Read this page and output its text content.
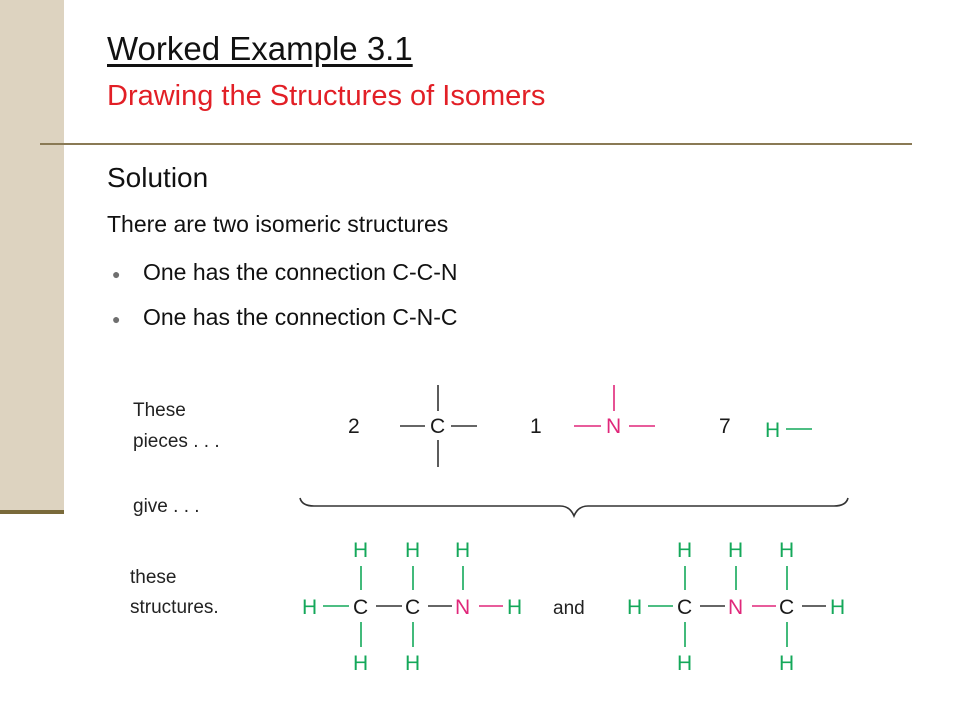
Worked Example 3.1
Drawing the Structures of Isomers
Solution
There are two isomeric structures
● One has the connection C-C-N
● One has the connection C-N-C
These
pieces . . .
give . . .
these
structures.
2	C	1	N	7 H
H C C N H
H H H
H H
and H C N C H
H H H
H	H
